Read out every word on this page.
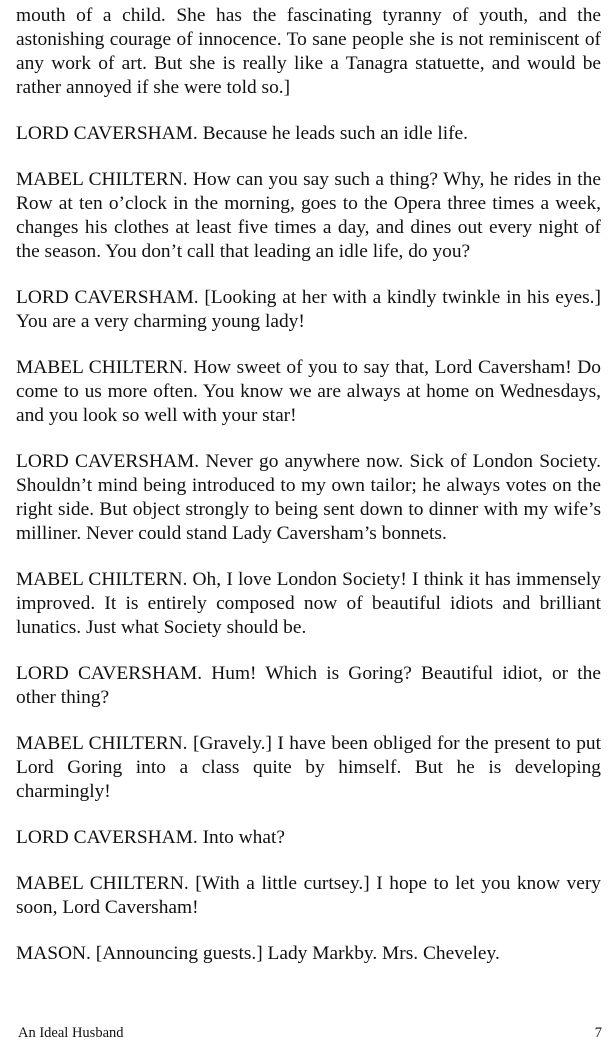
mouth of a child. She has the fascinating tyranny of youth, and the astonishing courage of innocence. To sane people she is not reminiscent of any work of art. But she is really like a Tanagra statuette, and would be rather annoyed if she were told so.]

LORD CAVERSHAM. Because he leads such an idle life.

MABEL CHILTERN. How can you say such a thing? Why, he rides in the Row at ten o’clock in the morning, goes to the Opera three times a week, changes his clothes at least five times a day, and dines out every night of the season. You don’t call that leading an idle life, do you?

LORD CAVERSHAM. [Looking at her with a kindly twinkle in his eyes.] You are a very charming young lady!

MABEL CHILTERN. How sweet of you to say that, Lord Caversham! Do come to us more often. You know we are always at home on Wednesdays, and you look so well with your star!

LORD CAVERSHAM. Never go anywhere now. Sick of London Society. Shouldn’t mind being introduced to my own tailor; he always votes on the right side. But object strongly to being sent down to dinner with my wife’s milliner. Never could stand Lady Caversham’s bonnets.

MABEL CHILTERN. Oh, I love London Society! I think it has immensely improved. It is entirely composed now of beautiful idiots and brilliant lunatics. Just what Society should be.

LORD CAVERSHAM. Hum! Which is Goring? Beautiful idiot, or the other thing?

MABEL CHILTERN. [Gravely.] I have been obliged for the present to put Lord Goring into a class quite by himself. But he is developing charmingly!

LORD CAVERSHAM. Into what?

MABEL CHILTERN. [With a little curtsey.] I hope to let you know very soon, Lord Caversham!

MASON. [Announcing guests.] Lady Markby. Mrs. Cheveley.

An Ideal Husband	7
